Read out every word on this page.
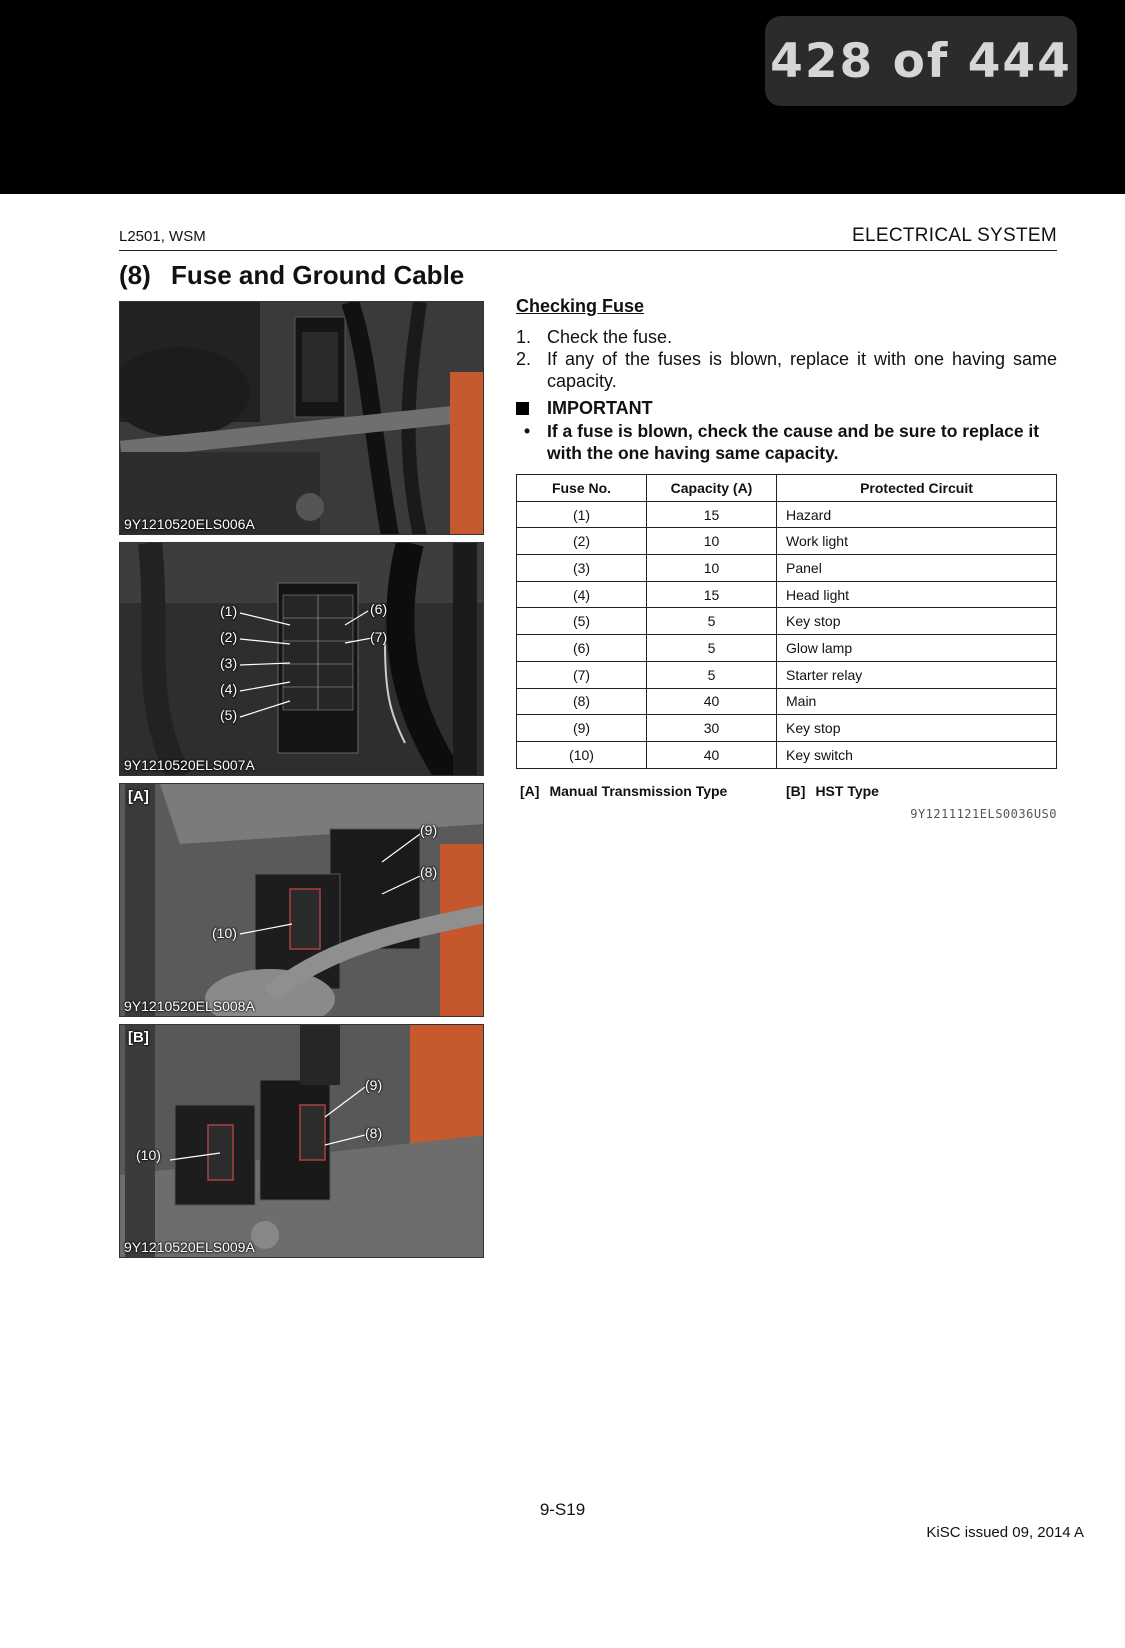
428 of 444
L2501, WSM	ELECTRICAL SYSTEM
(8) Fuse and Ground Cable
9Y1210520ELS006A
(1)
(2)
(3)
(4)
(5)
(6)
(7)
9Y1210520ELS007A
[A]
(9)
(8)
(10)
9Y1210520ELS008A
[B]
(9)
(8)
(10)
9Y1210520ELS009A
Checking Fuse
1. Check the fuse.
2. If any of the fuses is blown, replace it with one having same capacity.
IMPORTANT
• If a fuse is blown, check the cause and be sure to replace it with the one having same capacity.
Fuse No.	Capacity (A)	Protected Circuit
(1)	15	Hazard
(2)	10	Work light
(3)	10	Panel
(4)	15	Head light
(5)	5	Key stop
(6)	5	Glow lamp
(7)	5	Starter relay
(8)	40	Main
(9)	30	Key stop
(10)	40	Key switch
[A] Manual Transmission Type	[B] HST Type
9Y1211121ELS0036US0
9-S19
KiSC issued 09, 2014 A
